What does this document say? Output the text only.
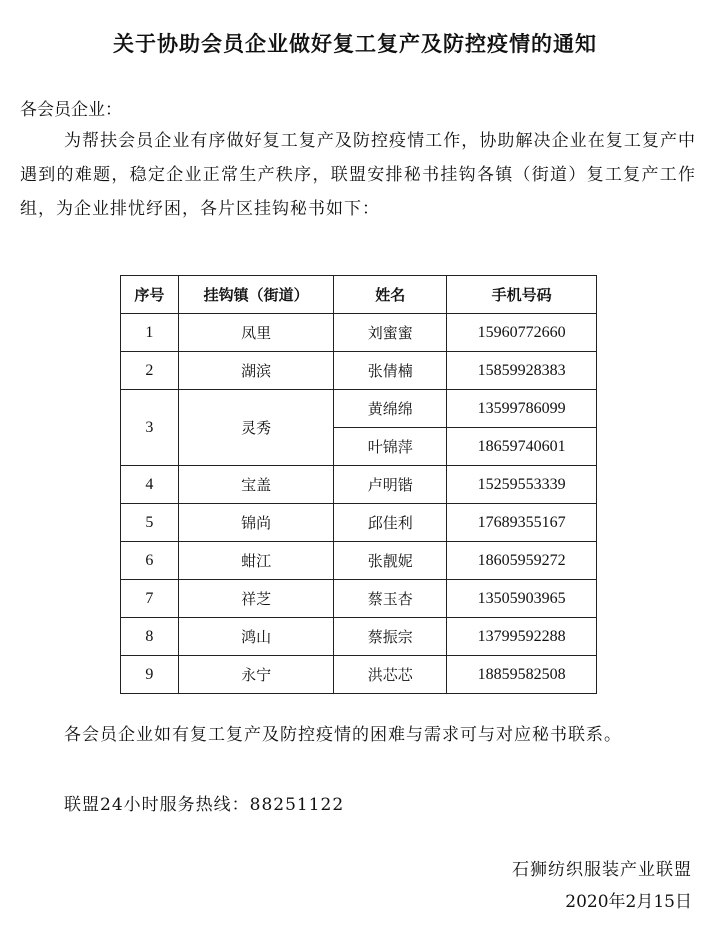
关于协助会员企业做好复工复产及防控疫情的通知
各会员企业：
为帮扶会员企业有序做好复工复产及防控疫情工作，协助解决企业在复工复产中遇到的难题，稳定企业正常生产秩序，联盟安排秘书挂钩各镇（街道）复工复产工作组，为企业排忧纾困，各片区挂钩秘书如下：
序号	挂钩镇（街道）	姓名	手机号码
1	凤里	刘蜜蜜	15960772660
2	湖滨	张倩楠	15859928383
3	灵秀	黄绵绵	13599786099
		叶锦萍	18659740601
4	宝盖	卢明锴	15259553339
5	锦尚	邱佳利	17689355167
6	蚶江	张靓妮	18605959272
7	祥芝	蔡玉杏	13505903965
8	鸿山	蔡振宗	13799592288
9	永宁	洪芯芯	18859582508
各会员企业如有复工复产及防控疫情的困难与需求可与对应秘书联系。
联盟24小时服务热线：88251122
石狮纺织服装产业联盟
2020年2月15日
